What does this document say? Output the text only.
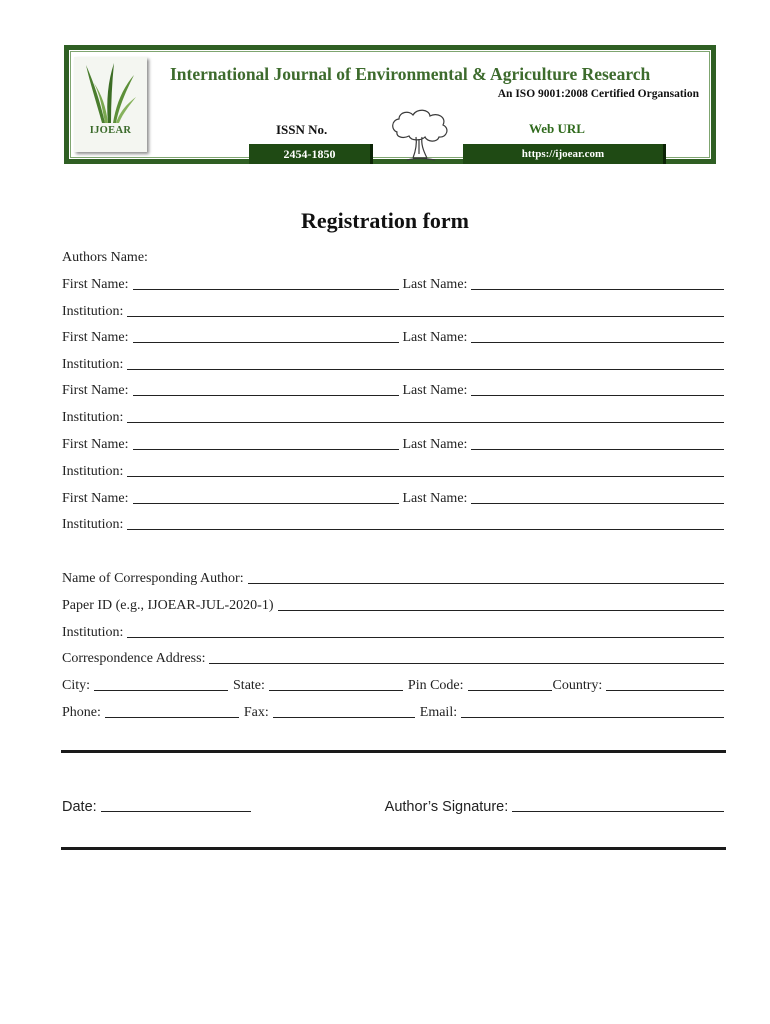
IJOEAR
International Journal of Environmental & Agriculture Research
An ISO 9001:2008 Certified Organsation
ISSN No.
2454-1850
Web URL
https://ijoear.com
Registration form
Authors Name:
First Name:	Last Name:
Institution:
First Name:	Last Name:
Institution:
First Name:	Last Name:
Institution:
First Name:	Last Name:
Institution:
First Name:	Last Name:
Institution:
Name of Corresponding Author:
Paper ID (e.g., IJOEAR-JUL-2020-1)
Institution:
Correspondence Address:
City:	State:	Pin Code:	Country:
Phone:	Fax:	Email:
Date:	Author’s Signature:
